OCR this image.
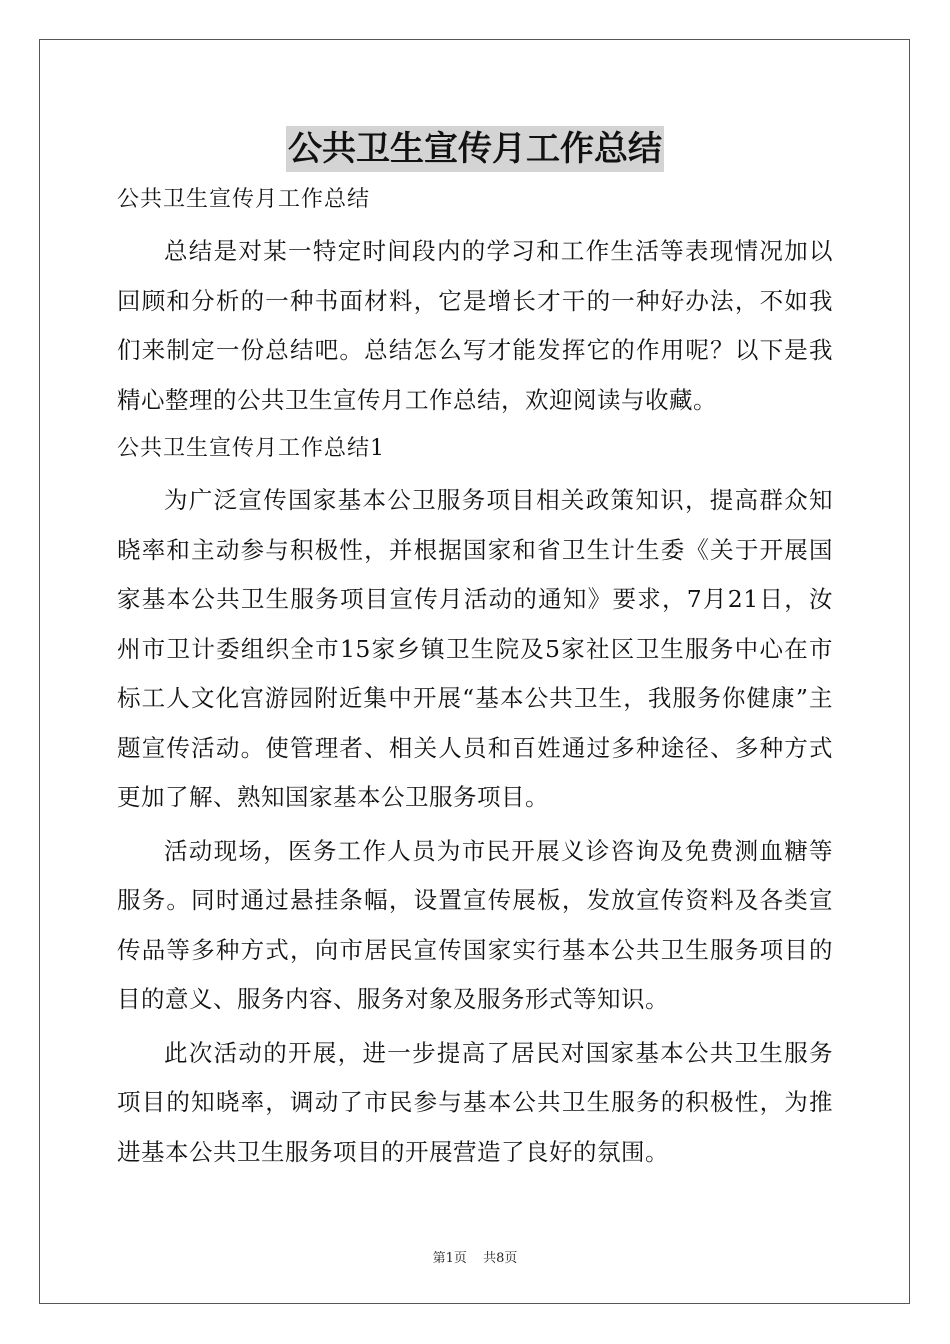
公共卫生宣传月工作总结
公共卫生宣传月工作总结

总结是对某一特定时间段内的学习和工作生活等表现情况加以回顾和分析的一种书面材料，它是增长才干的一种好办法，不如我们来制定一份总结吧。总结怎么写才能发挥它的作用呢？以下是我精心整理的公共卫生宣传月工作总结，欢迎阅读与收藏。

公共卫生宣传月工作总结1

为广泛宣传国家基本公卫服务项目相关政策知识，提高群众知晓率和主动参与积极性，并根据国家和省卫生计生委《关于开展国家基本公共卫生服务项目宣传月活动的通知》要求，7月21日，汝州市卫计委组织全市15家乡镇卫生院及5家社区卫生服务中心在市标工人文化宫游园附近集中开展“基本公共卫生，我服务你健康”主题宣传活动。使管理者、相关人员和百姓通过多种途径、多种方式更加了解、熟知国家基本公卫服务项目。

活动现场，医务工作人员为市民开展义诊咨询及免费测血糖等服务。同时通过悬挂条幅，设置宣传展板，发放宣传资料及各类宣传品等多种方式，向市居民宣传国家实行基本公共卫生服务项目的目的意义、服务内容、服务对象及服务形式等知识。

此次活动的开展，进一步提高了居民对国家基本公共卫生服务项目的知晓率，调动了市民参与基本公共卫生服务的积极性，为推进基本公共卫生服务项目的开展营造了良好的氛围。

第1页 共8页
